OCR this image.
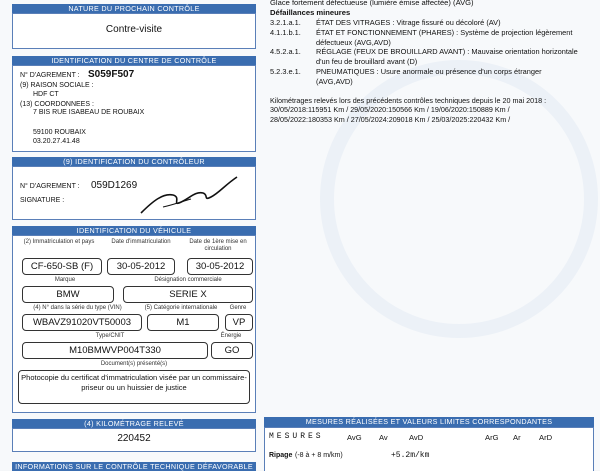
NATURE DU PROCHAIN CONTRÔLE
Contre-visite
IDENTIFICATION DU CENTRE DE CONTRÔLE
N° D'AGREMENT : S059F507
(9) RAISON SOCIALE :
HDF CT
(13) COORDONNEES :
7 BIS RUE ISABEAU DE ROUBAIX
59100 ROUBAIX
03.20.27.41.48
(9) IDENTIFICATION DU CONTRÔLEUR
N° D'AGREMENT : 059D1269
SIGNATURE :
IDENTIFICATION DU VÉHICULE
(2) Immatriculation et pays	Date d'immatriculation	Date de 1ère mise en circulation
CF-650-SB (F)	30-05-2012	30-05-2012
Marque	Désignation commerciale
BMW	SERIE X
(4) N° dans la série du type (VIN)	(5) Catégorie internationale	Genre
WBAVZ91020VT50003	M1	VP
Type/CNIT	Énergie
M10BMWVP004T330	GO
Document(s) présenté(s)
Photocopie du certificat d'immatriculation visée par un commissaire-priseur ou un huissier de justice
(4) KILOMÉTRAGE RELEVÉ
220452
INFORMATIONS SUR LE CONTRÔLE TECHNIQUE DÉFAVORABLE
Glace fortement défectueuse (lumière émise affectée) (AVG)
Défaillances mineures
3.2.1.a.1. ÉTAT DES VITRAGES : Vitrage fissuré ou décoloré (AV)
4.1.1.b.1. ÉTAT ET FONCTIONNEMENT (PHARES) : Système de projection légèrement
défectueux (AVG,AVD)
4.5.2.a.1. RÉGLAGE (FEUX DE BROUILLARD AVANT) : Mauvaise orientation horizontale
d'un feu de brouillard avant (D)
5.2.3.e.1. PNEUMATIQUES : Usure anormale ou présence d'un corps étranger
(AVG,AVD)
Kilométrages relevés lors des précédents contrôles techniques depuis le 20 mai 2018 :
30/05/2018:115951 Km / 29/05/2020:150566 Km / 19/06/2020:150889 Km /
28/05/2022:180353 Km / 27/05/2024:209018 Km / 25/03/2025:220432 Km /
MESURES RÉALISÉES ET VALEURS LIMITES CORRESPONDANTES
MESURES	AvG Av	AvD	ArG Ar ArD
Ripage (-8 à + 8 m/km)	+5.2m/km
